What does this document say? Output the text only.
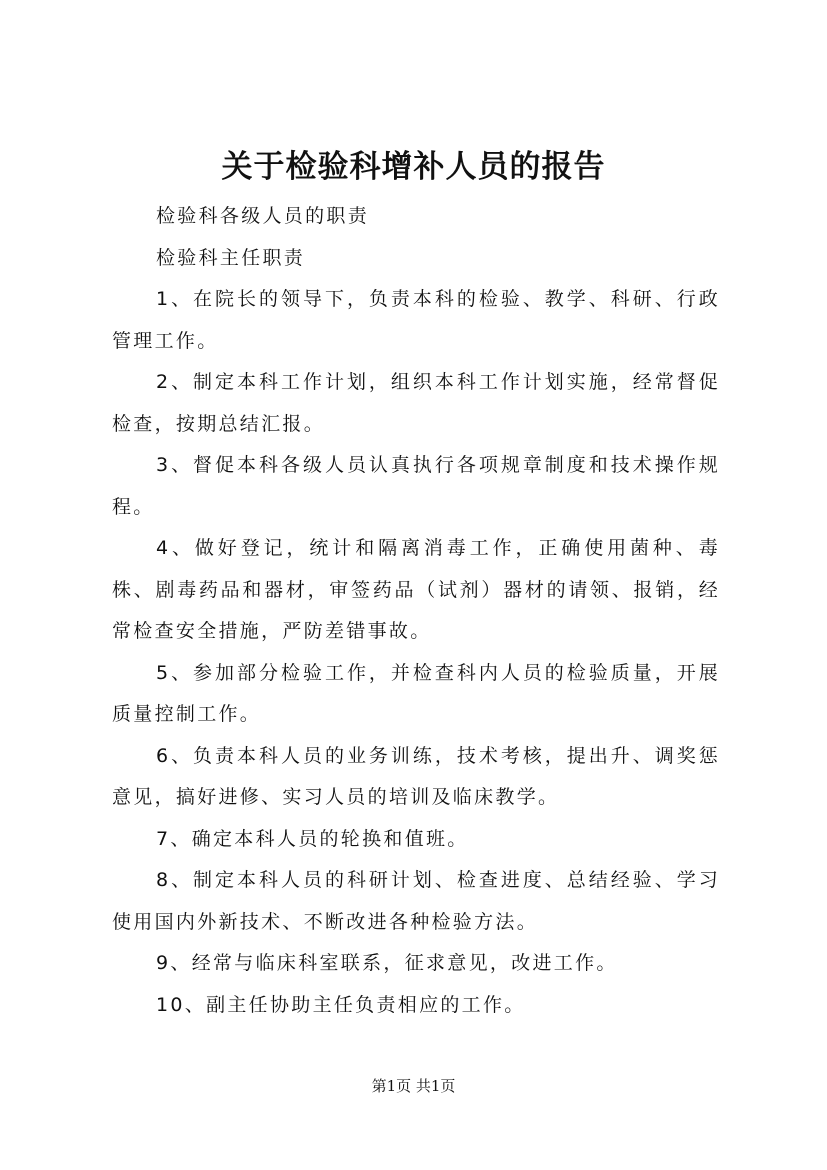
关于检验科增补人员的报告

检验科各级人员的职责

检验科主任职责

1、在院长的领导下，负责本科的检验、教学、科研、行政管理工作。

2、制定本科工作计划，组织本科工作计划实施，经常督促检查，按期总结汇报。

3、督促本科各级人员认真执行各项规章制度和技术操作规程。

4、做好登记，统计和隔离消毒工作，正确使用菌种、毒株、剧毒药品和器材，审签药品（试剂）器材的请领、报销，经常检查安全措施，严防差错事故。

5、参加部分检验工作，并检查科内人员的检验质量，开展质量控制工作。

6、负责本科人员的业务训练，技术考核，提出升、调奖惩意见，搞好进修、实习人员的培训及临床教学。

7、确定本科人员的轮换和值班。

8、制定本科人员的科研计划、检查进度、总结经验、学习使用国内外新技术、不断改进各种检验方法。

9、经常与临床科室联系，征求意见，改进工作。

10、副主任协助主任负责相应的工作。

第1页 共1页
